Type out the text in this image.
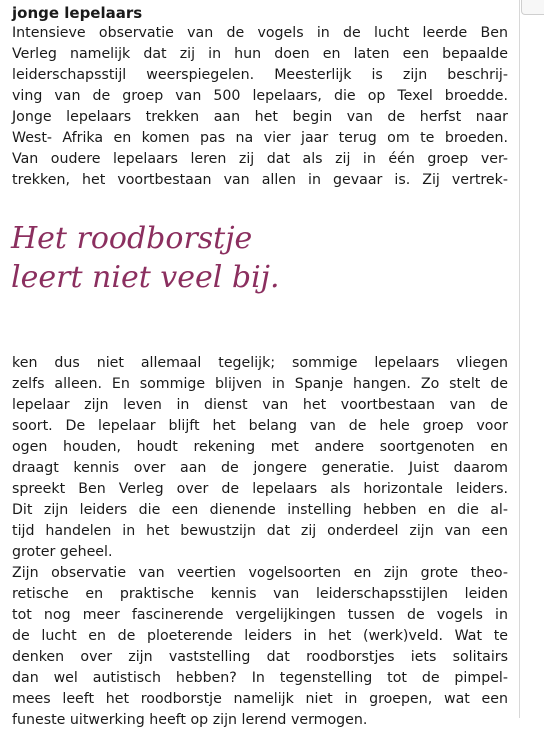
jonge lepelaars
Intensieve observatie van de vogels in de lucht leerde Ben
Verleg namelijk dat zij in hun doen en laten een bepaalde
leiderschapsstijl weerspiegelen. Meesterlijk is zijn beschrij-
ving van de groep van 500 lepelaars, die op Texel broedde.
Jonge lepelaars trekken aan het begin van de herfst naar
West- Afrika en komen pas na vier jaar terug om te broeden.
Van oudere lepelaars leren zij dat als zij in één groep ver-
trekken, het voortbestaan van allen in gevaar is. Zij vertrek-
Het roodborstje
leert niet veel bij.
ken dus niet allemaal tegelijk; sommige lepelaars vliegen
zelfs alleen. En sommige blijven in Spanje hangen. Zo stelt de
lepelaar zijn leven in dienst van het voortbestaan van de
soort. De lepelaar blijft het belang van de hele groep voor
ogen houden, houdt rekening met andere soortgenoten en
draagt kennis over aan de jongere generatie. Juist daarom
spreekt Ben Verleg over de lepelaars als horizontale leiders.
Dit zijn leiders die een dienende instelling hebben en die al-
tijd handelen in het bewustzijn dat zij onderdeel zijn van een
groter geheel.
Zijn observatie van veertien vogelsoorten en zijn grote theo-
retische en praktische kennis van leiderschapsstijlen leiden
tot nog meer fascinerende vergelijkingen tussen de vogels in
de lucht en de ploeterende leiders in het (werk)veld. Wat te
denken over zijn vaststelling dat roodborstjes iets solitairs
dan wel autistisch hebben? In tegenstelling tot de pimpel-
mees leeft het roodborstje namelijk niet in groepen, wat een
funeste uitwerking heeft op zijn lerend vermogen.
